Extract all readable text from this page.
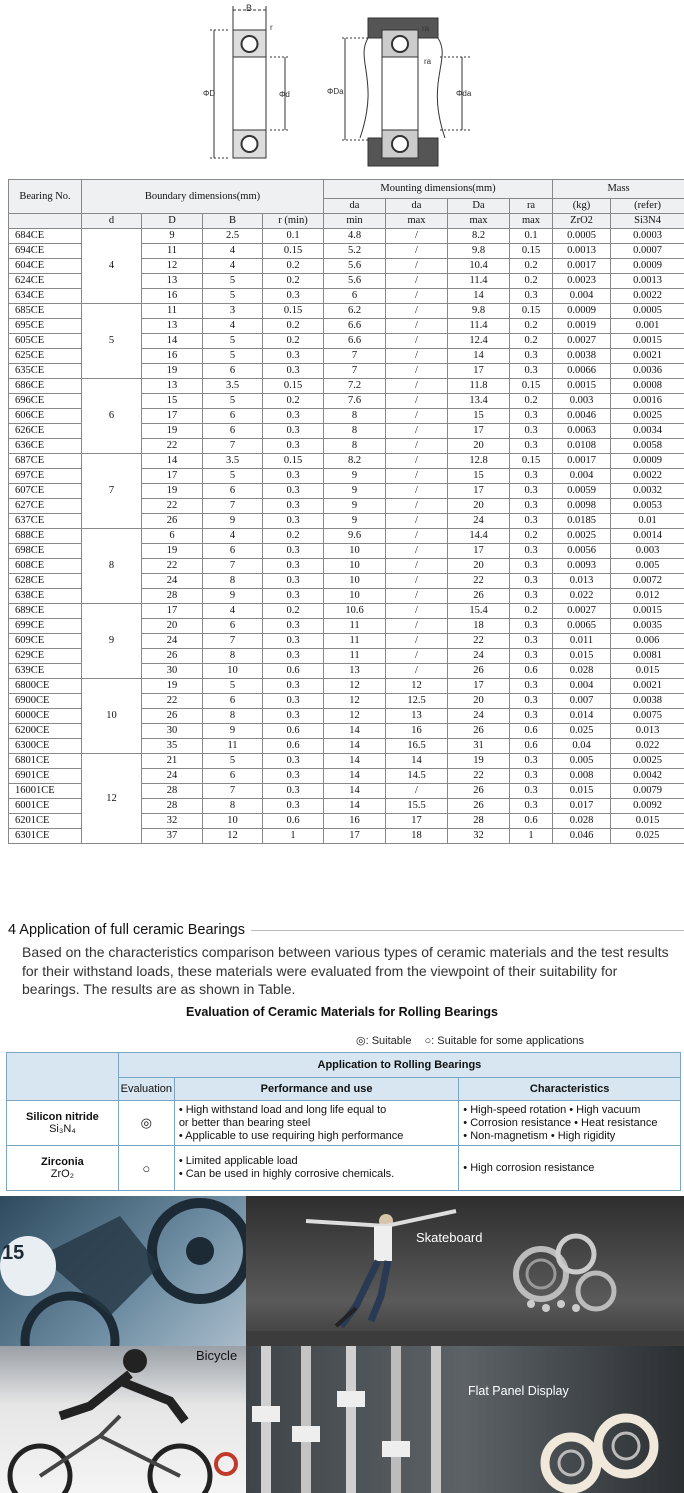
B
r
ΦD	Φd
ra
ra
ΦDa	Φda
Bearing No.	Boundary dimensions(mm)				Mounting dimensions(mm)				Mass	
					da	da	Da	ra	(kg)	(refer)
	d	D	B	r (min)	min	max	max	max	ZrO2	Si3N4
684CE	4	9	2.5	0.1	4.8	/	8.2	0.1	0.0005	0.0003
694CE		11	4	0.15	5.2	/	9.8	0.15	0.0013	0.0007
604CE		12	4	0.2	5.6	/	10.4	0.2	0.0017	0.0009
624CE		13	5	0.2	5.6	/	11.4	0.2	0.0023	0.0013
634CE		16	5	0.3	6	/	14	0.3	0.004	0.0022
685CE	5	11	3	0.15	6.2	/	9.8	0.15	0.0009	0.0005
695CE		13	4	0.2	6.6	/	11.4	0.2	0.0019	0.001
605CE		14	5	0.2	6.6	/	12.4	0.2	0.0027	0.0015
625CE		16	5	0.3	7	/	14	0.3	0.0038	0.0021
635CE		19	6	0.3	7	/	17	0.3	0.0066	0.0036
686CE	6	13	3.5	0.15	7.2	/	11.8	0.15	0.0015	0.0008
696CE		15	5	0.2	7.6	/	13.4	0.2	0.003	0.0016
606CE		17	6	0.3	8	/	15	0.3	0.0046	0.0025
626CE		19	6	0.3	8	/	17	0.3	0.0063	0.0034
636CE		22	7	0.3	8	/	20	0.3	0.0108	0.0058
687CE	7	14	3.5	0.15	8.2	/	12.8	0.15	0.0017	0.0009
697CE		17	5	0.3	9	/	15	0.3	0.004	0.0022
607CE		19	6	0.3	9	/	17	0.3	0.0059	0.0032
627CE		22	7	0.3	9	/	20	0.3	0.0098	0.0053
637CE		26	9	0.3	9	/	24	0.3	0.0185	0.01
688CE	8	6	4	0.2	9.6	/	14.4	0.2	0.0025	0.0014
698CE		19	6	0.3	10	/	17	0.3	0.0056	0.003
608CE		22	7	0.3	10	/	20	0.3	0.0093	0.005
628CE		24	8	0.3	10	/	22	0.3	0.013	0.0072
638CE		28	9	0.3	10	/	26	0.3	0.022	0.012
689CE	9	17	4	0.2	10.6	/	15.4	0.2	0.0027	0.0015
699CE		20	6	0.3	11	/	18	0.3	0.0065	0.0035
609CE		24	7	0.3	11	/	22	0.3	0.011	0.006
629CE		26	8	0.3	11	/	24	0.3	0.015	0.0081
639CE		30	10	0.6	13	/	26	0.6	0.028	0.015
6800CE	10	19	5	0.3	12	12	17	0.3	0.004	0.0021
6900CE		22	6	0.3	12	12.5	20	0.3	0.007	0.0038
6000CE		26	8	0.3	12	13	24	0.3	0.014	0.0075
6200CE		30	9	0.6	14	16	26	0.6	0.025	0.013
6300CE		35	11	0.6	14	16.5	31	0.6	0.04	0.022
6801CE	12	21	5	0.3	14	14	19	0.3	0.005	0.0025
6901CE		24	6	0.3	14	14.5	22	0.3	0.008	0.0042
16001CE		28	7	0.3	14	/	26	0.3	0.015	0.0079
6001CE		28	8	0.3	14	15.5	26	0.3	0.017	0.0092
6201CE		32	10	0.6	16	17	28	0.6	0.028	0.015
6301CE		37	12	1	17	18	32	1	0.046	0.025
4 Application of full ceramic Bearings
Based on the characteristics comparison between various types of ceramic materials and the test results for their withstand loads, these materials were evaluated from the viewpoint of their suitability for bearings. The results are as shown in Table.
Evaluation of Ceramic Materials for Rolling Bearings
◎: Suitable ○: Suitable for some applications
	Application to Rolling Bearings		
	Evaluation	Performance and use	Characteristics
Silicon nitride
Si₃N₄	◎	• High withstand load and long life equal to
or better than bearing steel
• Applicable to use requiring high performance	• High-speed rotation • High vacuum
• Corrosion resistance • Heat resistance
• Non-magnetism • High rigidity
Zirconia
ZrO₂	○	• Limited applicable load
• Can be used in highly corrosive chemicals.	• High corrosion resistance
15
Skateboard
Bicycle
Flat Panel Display
